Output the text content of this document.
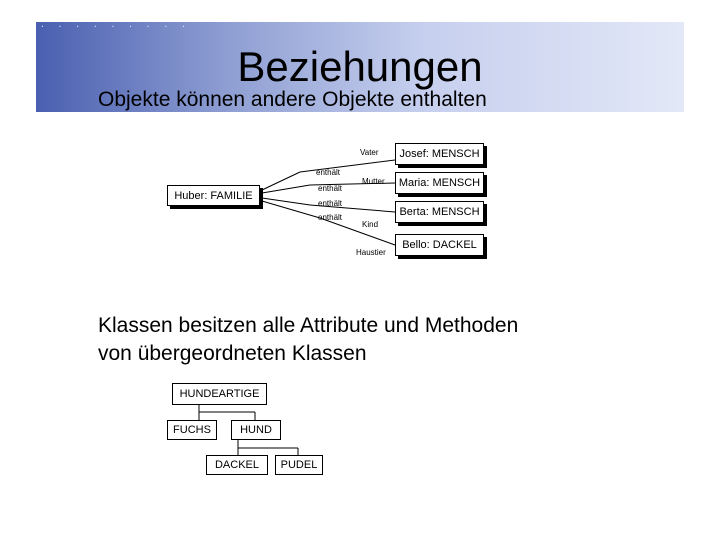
. . . . . . . . .
Beziehungen
Objekte können andere Objekte enthalten
Huber: FAMILIE
enthält
enthält
enthält
enthält
Vater
Mutter
Kind
Haustier
Josef: MENSCH
Maria: MENSCH
Berta: MENSCH
Bello: DACKEL
Klassen besitzen alle Attribute und Methoden
von übergeordneten Klassen
HUNDEARTIGE
FUCHS	HUND
DACKEL PUDEL
